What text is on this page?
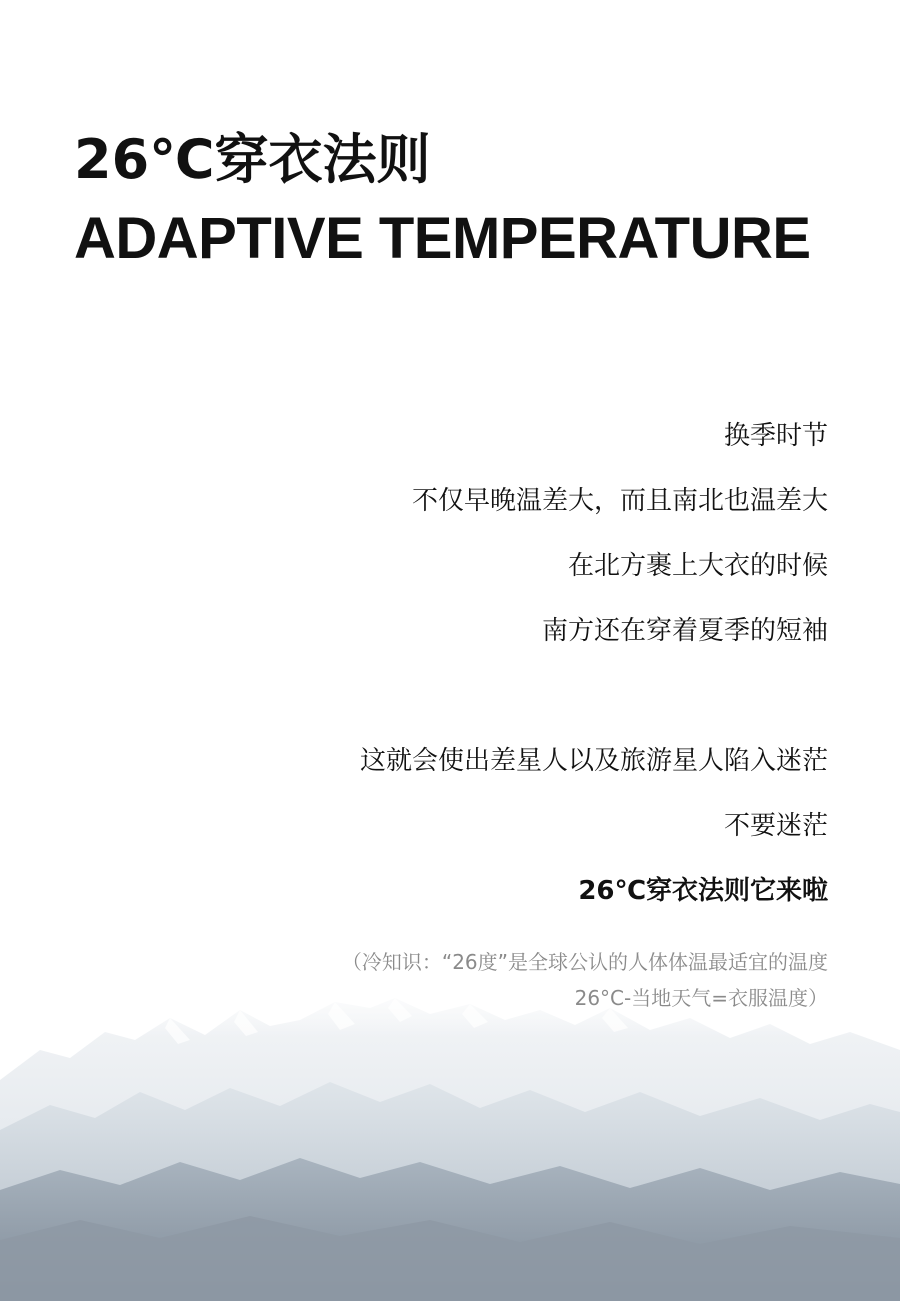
26℃穿衣法则
ADAPTIVE TEMPERATURE
换季时节
不仅早晚温差大，而且南北也温差大
在北方裹上大衣的时候
南方还在穿着夏季的短袖
这就会使出差星人以及旅游星人陷入迷茫
不要迷茫
26℃穿衣法则它来啦
（冷知识：“26度”是全球公认的人体体温最适宜的温度
26°C-当地天气=衣服温度）
